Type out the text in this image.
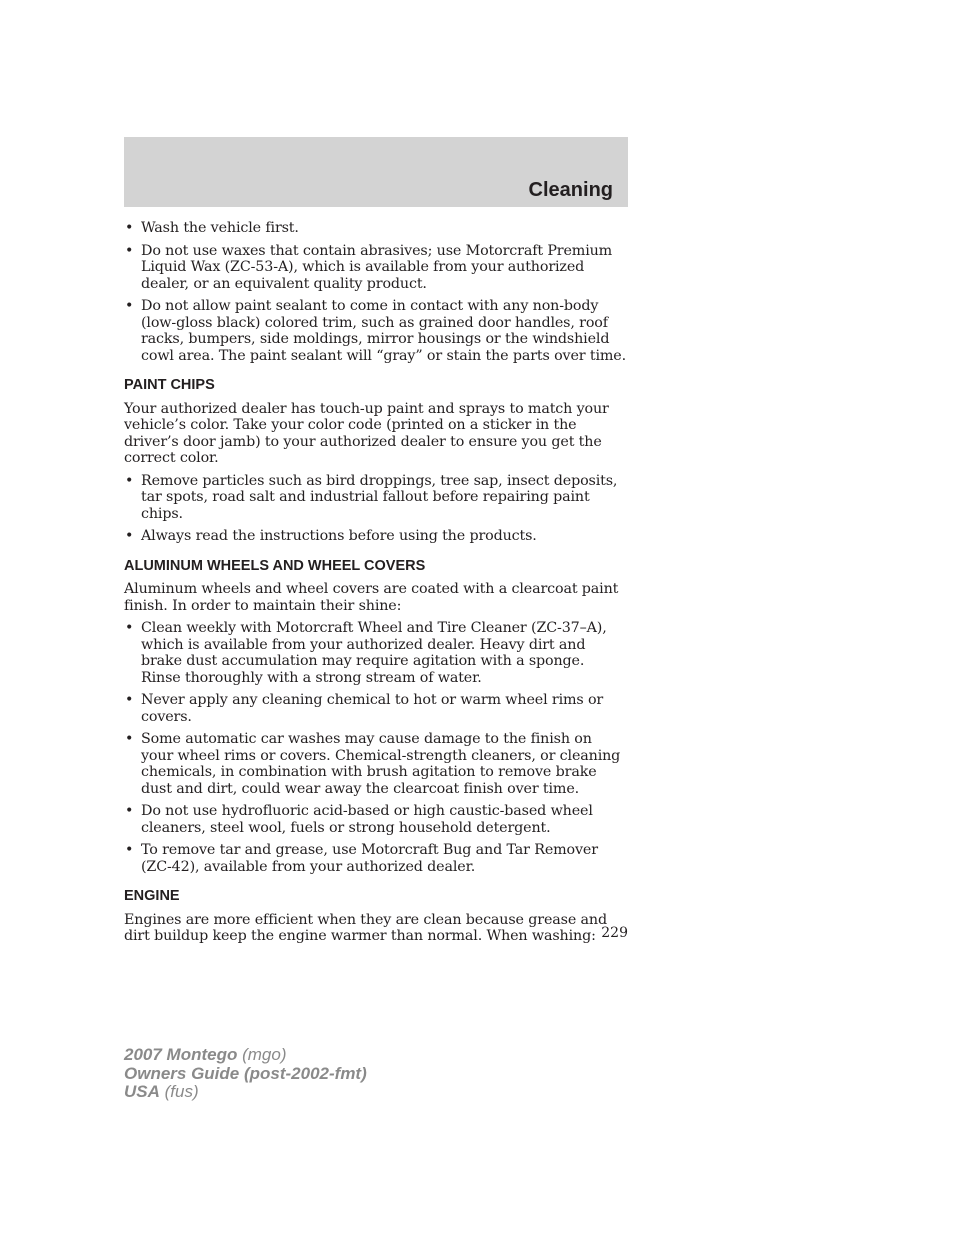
Cleaning
• Wash the vehicle first.
• Do not use waxes that contain abrasives; use Motorcraft Premium Liquid Wax (ZC-53-A), which is available from your authorized dealer, or an equivalent quality product.
• Do not allow paint sealant to come in contact with any non-body (low-gloss black) colored trim, such as grained door handles, roof racks, bumpers, side moldings, mirror housings or the windshield cowl area. The paint sealant will “gray” or stain the parts over time.
PAINT CHIPS

Your authorized dealer has touch-up paint and sprays to match your vehicle’s color. Take your color code (printed on a sticker in the driver’s door jamb) to your authorized dealer to ensure you get the correct color.

• Remove particles such as bird droppings, tree sap, insect deposits, tar spots, road salt and industrial fallout before repairing paint chips.
• Always read the instructions before using the products.
ALUMINUM WHEELS AND WHEEL COVERS

Aluminum wheels and wheel covers are coated with a clearcoat paint finish. In order to maintain their shine:

• Clean weekly with Motorcraft Wheel and Tire Cleaner (ZC-37–A), which is available from your authorized dealer. Heavy dirt and brake dust accumulation may require agitation with a sponge. Rinse thoroughly with a strong stream of water.
• Never apply any cleaning chemical to hot or warm wheel rims or covers.
• Some automatic car washes may cause damage to the finish on your wheel rims or covers. Chemical-strength cleaners, or cleaning chemicals, in combination with brush agitation to remove brake dust and dirt, could wear away the clearcoat finish over time.
• Do not use hydrofluoric acid-based or high caustic-based wheel cleaners, steel wool, fuels or strong household detergent.
• To remove tar and grease, use Motorcraft Bug and Tar Remover (ZC-42), available from your authorized dealer.
ENGINE

Engines are more efficient when they are clean because grease and dirt buildup keep the engine warmer than normal. When washing: 229
2007 Montego (mgo)
Owners Guide (post-2002-fmt)
USA (fus)
